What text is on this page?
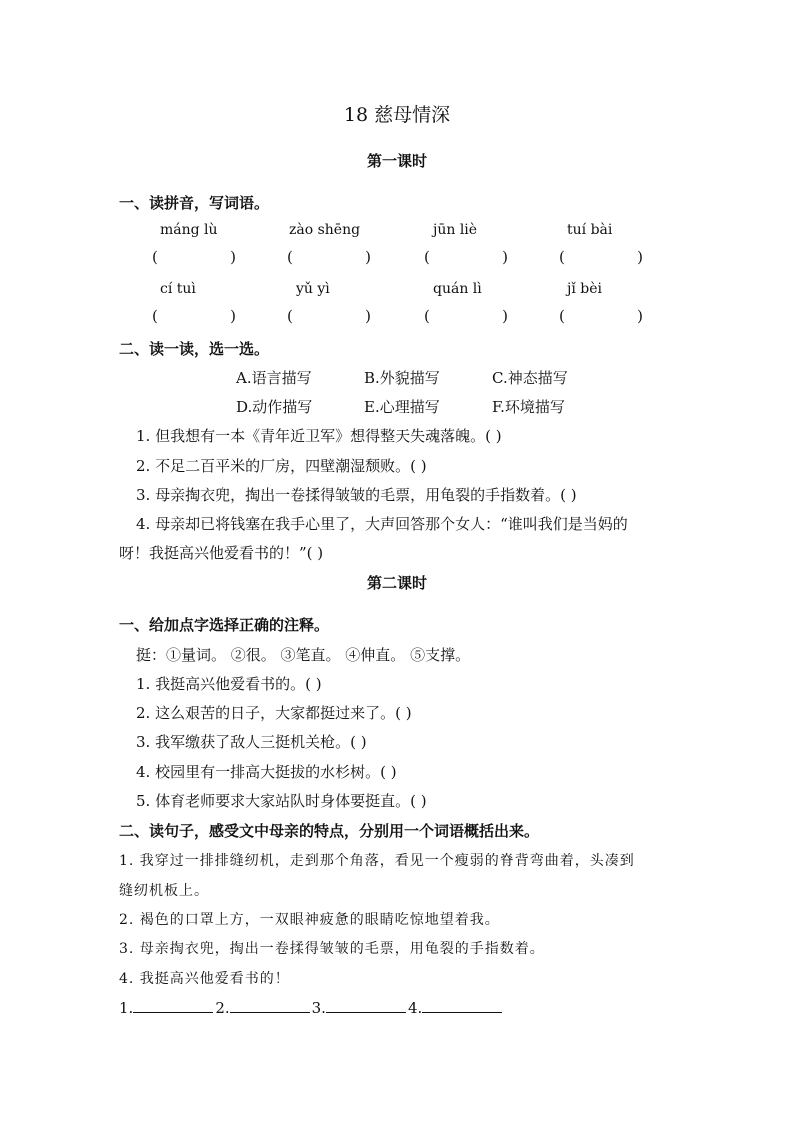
18 慈母情深
第一课时
一、读拼音，写词语。
máng lù	zào shēng	jūn liè	tuí bài
(	)	(	)	(	)	(	)
cí tuì	yǔ yì	quán lì	jǐ bèi
(	)	(	)	(	)	(	)
二、读一读，选一选。
A.语言描写	B.外貌描写	C.神态描写
D.动作描写	E.心理描写	F.环境描写
1. 但我想有一本《青年近卫军》想得整天失魂落魄。( )
2. 不足二百平米的厂房，四壁潮湿颓败。( )
3. 母亲掏衣兜，掏出一卷揉得皱皱的毛票，用龟裂的手指数着。( )
4. 母亲却已将钱塞在我手心里了，大声回答那个女人：“谁叫我们是当妈的
呀！我挺高兴他爱看书的！”( )
第二课时
一、给加点字选择正确的注释。
挺：①量词。 ②很。 ③笔直。 ④伸直。 ⑤支撑。
1. 我挺高兴他爱看书的。( )
2. 这么艰苦的日子，大家都挺过来了。( )
3. 我军缴获了敌人三挺机关枪。( )
4. 校园里有一排高大挺拔的水杉树。( )
5. 体育老师要求大家站队时身体要挺直。( )
二、读句子，感受文中母亲的特点，分别用一个词语概括出来。
1. 我穿过一排排缝纫机，走到那个角落，看见一个瘦弱的脊背弯曲着，头凑到
缝纫机板上。
2. 褐色的口罩上方，一双眼神疲惫的眼睛吃惊地望着我。
3. 母亲掏衣兜，掏出一卷揉得皱皱的毛票，用龟裂的手指数着。
4. 我挺高兴他爱看书的！
1.	2.	3.	4.
